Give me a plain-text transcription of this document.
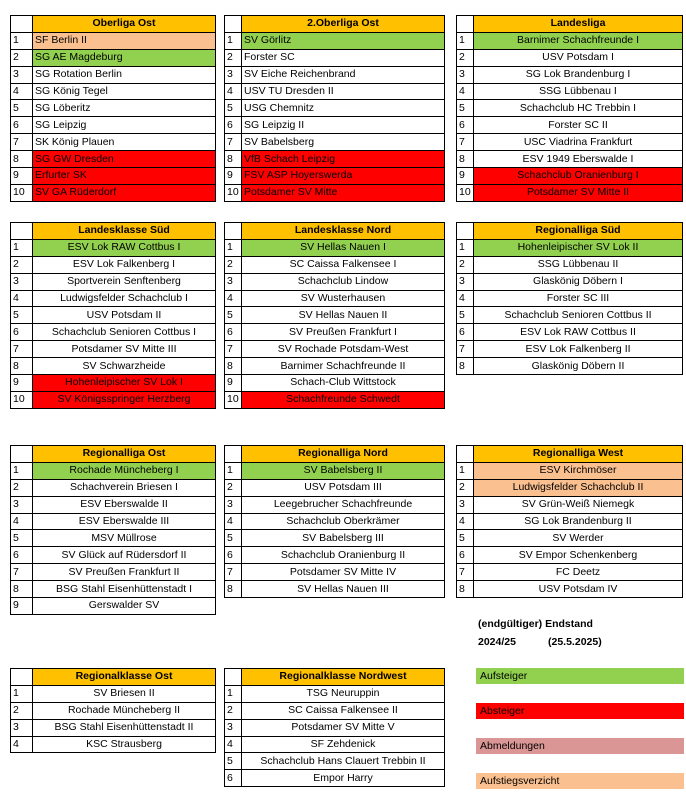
	Oberliga Ost
1	SF Berlin II
2	SG AE Magdeburg
3	SG Rotation Berlin
4	SG König Tegel
5	SG Löberitz
6	SG Leipzig
7	SK König Plauen
8	SG GW Dresden
9	Erfurter SK
10	SV GA Rüderdorf
	2.Oberliga Ost
1	SV Görlitz
2	Forster SC
3	SV Eiche Reichenbrand
4	USV TU Dresden II
5	USG Chemnitz
6	SG Leipzig II
7	SV Babelsberg
8	VfB Schach Leipzig
9	FSV ASP Hoyerswerda
10	Potsdamer SV Mitte
	Landesliga
1	Barnimer Schachfreunde I
2	USV Potsdam I
3	SG Lok Brandenburg I
4	SSG Lübbenau I
5	Schachclub HC Trebbin I
6	Forster SC II
7	USC Viadrina Frankfurt
8	ESV 1949 Eberswalde I
9	Schachclub Oranienburg I
10	Potsdamer SV Mitte II
	Landesklasse Süd
1	ESV Lok RAW Cottbus I
2	ESV Lok Falkenberg I
3	Sportverein Senftenberg
4	Ludwigsfelder Schachclub I
5	USV Potsdam II
6	Schachclub Senioren Cottbus I
7	Potsdamer SV Mitte III
8	SV Schwarzheide
9	Hohenleipischer SV Lok I
10	SV Königsspringer Herzberg
	Landesklasse Nord
1	SV Hellas Nauen I
2	SC Caissa Falkensee I
3	Schachclub Lindow
4	SV Wusterhausen
5	SV Hellas Nauen II
6	SV Preußen Frankfurt I
7	SV Rochade Potsdam-West
8	Barnimer Schachfreunde II
9	Schach-Club Wittstock
10	Schachfreunde Schwedt
	Regionalliga Süd
1	Hohenleipischer SV Lok II
2	SSG Lübbenau II
3	Glaskönig Döbern I
4	Forster SC III
5	Schachclub Senioren Cottbus II
6	ESV Lok RAW Cottbus II
7	ESV Lok Falkenberg II
8	Glaskönig Döbern II
	Regionalliga Ost
1	Rochade Müncheberg I
2	Schachverein Briesen I
3	ESV Eberswalde II
4	ESV Eberswalde III
5	MSV Müllrose
6	SV Glück auf Rüdersdorf II
7	SV Preußen Frankfurt II
8	BSG Stahl Eisenhüttenstadt I
9	Gerswalder SV
	Regionalliga Nord
1	SV Babelsberg II
2	USV Potsdam III
3	Leegebrucher Schachfreunde
4	Schachclub Oberkrämer
5	SV Babelsberg III
6	Schachclub Oranienburg II
7	Potsdamer SV Mitte IV
8	SV Hellas Nauen III
	Regionalliga West
1	ESV Kirchmöser
2	Ludwigsfelder Schachclub II
3	SV Grün-Weiß Niemegk
4	SG Lok Brandenburg II
5	SV Werder
6	SV Empor Schenkenberg
7	FC Deetz
8	USV Potsdam IV
	Regionalklasse Ost
1	SV Briesen II
2	Rochade Müncheberg II
3	BSG Stahl Eisenhüttenstadt II
4	KSC Strausberg
	Regionalklasse Nordwest
1	TSG Neuruppin
2	SC Caissa Falkensee II
3	Potsdamer SV Mitte V
4	SF Zehdenick
5	Schachclub Hans Clauert Trebbin II
6	Empor Harry
(endgültiger) Endstand
2024/25	(25.5.2025)
Aufsteiger
Absteiger
Abmeldungen
Aufstiegsverzicht
